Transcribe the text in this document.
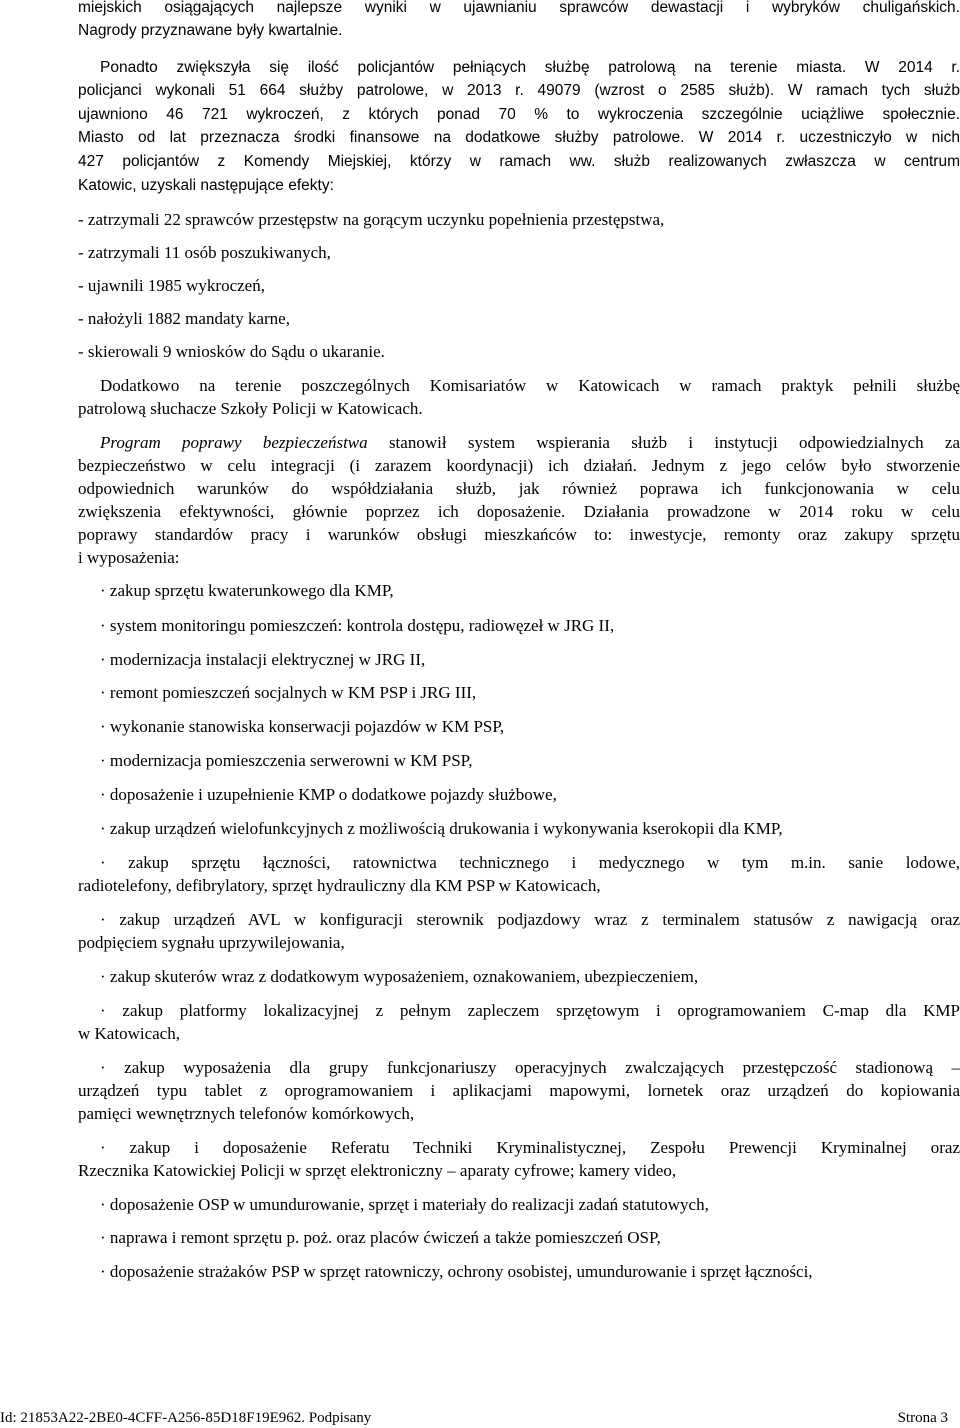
miejskich osiągających najlepsze wyniki w ujawnianiu sprawców dewastacji i wybryków chuligańskich.
Nagrody przyznawane były kwartalnie.
Ponadto zwiększyła się ilość policjantów pełniących służbę patrolową na terenie miasta. W 2014 r.
policjanci wykonali 51 664 służby patrolowe, w 2013 r. 49079 (wzrost o 2585 służb). W ramach tych służb
ujawniono 46 721 wykroczeń, z których ponad 70 % to wykroczenia szczególnie uciążliwe społecznie.
Miasto od lat przeznacza środki finansowe na dodatkowe służby patrolowe. W 2014 r. uczestniczyło w nich
427 policjantów z Komendy Miejskiej, którzy w ramach ww. służb realizowanych zwłaszcza w centrum
Katowic, uzyskali następujące efekty:
- zatrzymali 22 sprawców przestępstw na gorącym uczynku popełnienia przestępstwa,
- zatrzymali 11 osób poszukiwanych,
- ujawnili 1985 wykroczeń,
- nałożyli 1882 mandaty karne,
- skierowali 9 wniosków do Sądu o ukaranie.
Dodatkowo na terenie poszczególnych Komisariatów w Katowicach w ramach praktyk pełnili służbę
patrolową słuchacze Szkoły Policji w Katowicach.
Program poprawy bezpieczeństwa stanowił system wspierania służb i instytucji odpowiedzialnych za
bezpieczeństwo w celu integracji (i zarazem koordynacji) ich działań. Jednym z jego celów było stworzenie
odpowiednich warunków do współdziałania służb, jak również poprawa ich funkcjonowania w celu
zwiększenia efektywności, głównie poprzez ich doposażenie. Działania prowadzone w 2014 roku w celu
poprawy standardów pracy i warunków obsługi mieszkańców to: inwestycje, remonty oraz zakupy sprzętu
i wyposażenia:
· zakup sprzętu kwaterunkowego dla KMP,
· system monitoringu pomieszczeń: kontrola dostępu, radiowęzeł w JRG II,
· modernizacja instalacji elektrycznej w JRG II,
· remont pomieszczeń socjalnych w KM PSP i JRG III,
· wykonanie stanowiska konserwacji pojazdów w KM PSP,
· modernizacja pomieszczenia serwerowni w KM PSP,
· doposażenie i uzupełnienie KMP o dodatkowe pojazdy służbowe,
· zakup urządzeń wielofunkcyjnych z możliwością drukowania i wykonywania kserokopii dla KMP,
· zakup sprzętu łączności, ratownictwa technicznego i medycznego w tym m.in. sanie lodowe,
radiotelefony, defibrylatory, sprzęt hydrauliczny dla KM PSP w Katowicach,
· zakup urządzeń AVL w konfiguracji sterownik podjazdowy wraz z terminalem statusów z nawigacją oraz
podpięciem sygnału uprzywilejowania,
· zakup skuterów wraz z dodatkowym wyposażeniem, oznakowaniem, ubezpieczeniem,
· zakup platformy lokalizacyjnej z pełnym zapleczem sprzętowym i oprogramowaniem C-map dla KMP
w Katowicach,
· zakup wyposażenia dla grupy funkcjonariuszy operacyjnych zwalczających przestępczość stadionową –
urządzeń typu tablet z oprogramowaniem i aplikacjami mapowymi, lornetek oraz urządzeń do kopiowania
pamięci wewnętrznych telefonów komórkowych,
· zakup i doposażenie Referatu Techniki Kryminalistycznej, Zespołu Prewencji Kryminalnej oraz
Rzecznika Katowickiej Policji w sprzęt elektroniczny – aparaty cyfrowe; kamery video,
· doposażenie OSP w umundurowanie, sprzęt i materiały do realizacji zadań statutowych,
· naprawa i remont sprzętu p. poż. oraz placów ćwiczeń a także pomieszczeń OSP,
· doposażenie strażaków PSP w sprzęt ratowniczy, ochrony osobistej, umundurowanie i sprzęt łączności,
Id: 21853A22-2BE0-4CFF-A256-85D18F19E962. Podpisany	Strona 3
